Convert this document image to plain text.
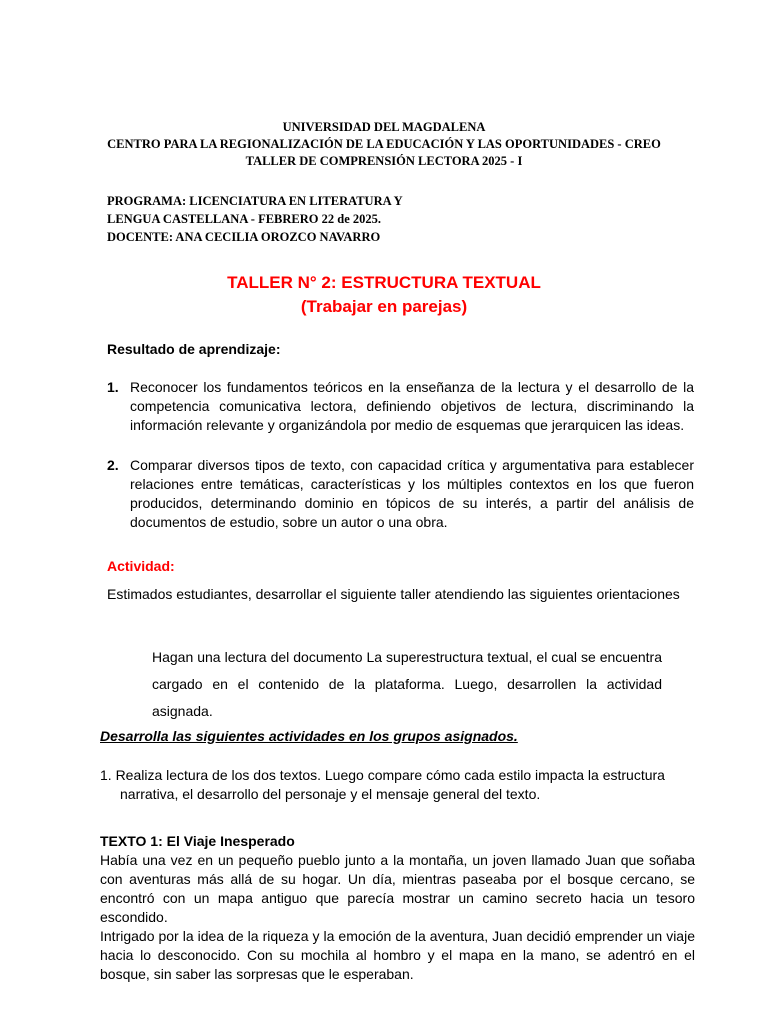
UNIVERSIDAD DEL MAGDALENA
CENTRO PARA LA REGIONALIZACIÓN DE LA EDUCACIÓN Y LAS OPORTUNIDADES - CREO
TALLER DE COMPRENSIÓN LECTORA 2025 - I
PROGRAMA: LICENCIATURA EN LITERATURA Y
LENGUA CASTELLANA - FEBRERO 22 de 2025.
DOCENTE: ANA CECILIA OROZCO NAVARRO
TALLER N° 2: ESTRUCTURA TEXTUAL
(Trabajar en parejas)
Resultado de aprendizaje:
1. Reconocer los fundamentos teóricos en la enseñanza de la lectura y el desarrollo de la competencia comunicativa lectora, definiendo objetivos de lectura, discriminando la información relevante y organizándola por medio de esquemas que jerarquicen las ideas.
2. Comparar diversos tipos de texto, con capacidad crítica y argumentativa para establecer relaciones entre temáticas, características y los múltiples contextos en los que fueron producidos, determinando dominio en tópicos de su interés, a partir del análisis de documentos de estudio, sobre un autor o una obra.
Actividad:
Estimados estudiantes, desarrollar el siguiente taller atendiendo las siguientes orientaciones
Hagan una lectura del documento La superestructura textual, el cual se encuentra cargado en el contenido de la plataforma. Luego, desarrollen la actividad asignada.
Desarrolla las siguientes actividades en los grupos asignados.
1. Realiza lectura de los dos textos. Luego compare cómo cada estilo impacta la estructura narrativa, el desarrollo del personaje y el mensaje general del texto.
TEXTO 1: El Viaje Inesperado
Había una vez en un pequeño pueblo junto a la montaña, un joven llamado Juan que soñaba con aventuras más allá de su hogar. Un día, mientras paseaba por el bosque cercano, se encontró con un mapa antiguo que parecía mostrar un camino secreto hacia un tesoro escondido.
Intrigado por la idea de la riqueza y la emoción de la aventura, Juan decidió emprender un viaje hacia lo desconocido. Con su mochila al hombro y el mapa en la mano, se adentró en el bosque, sin saber las sorpresas que le esperaban.
